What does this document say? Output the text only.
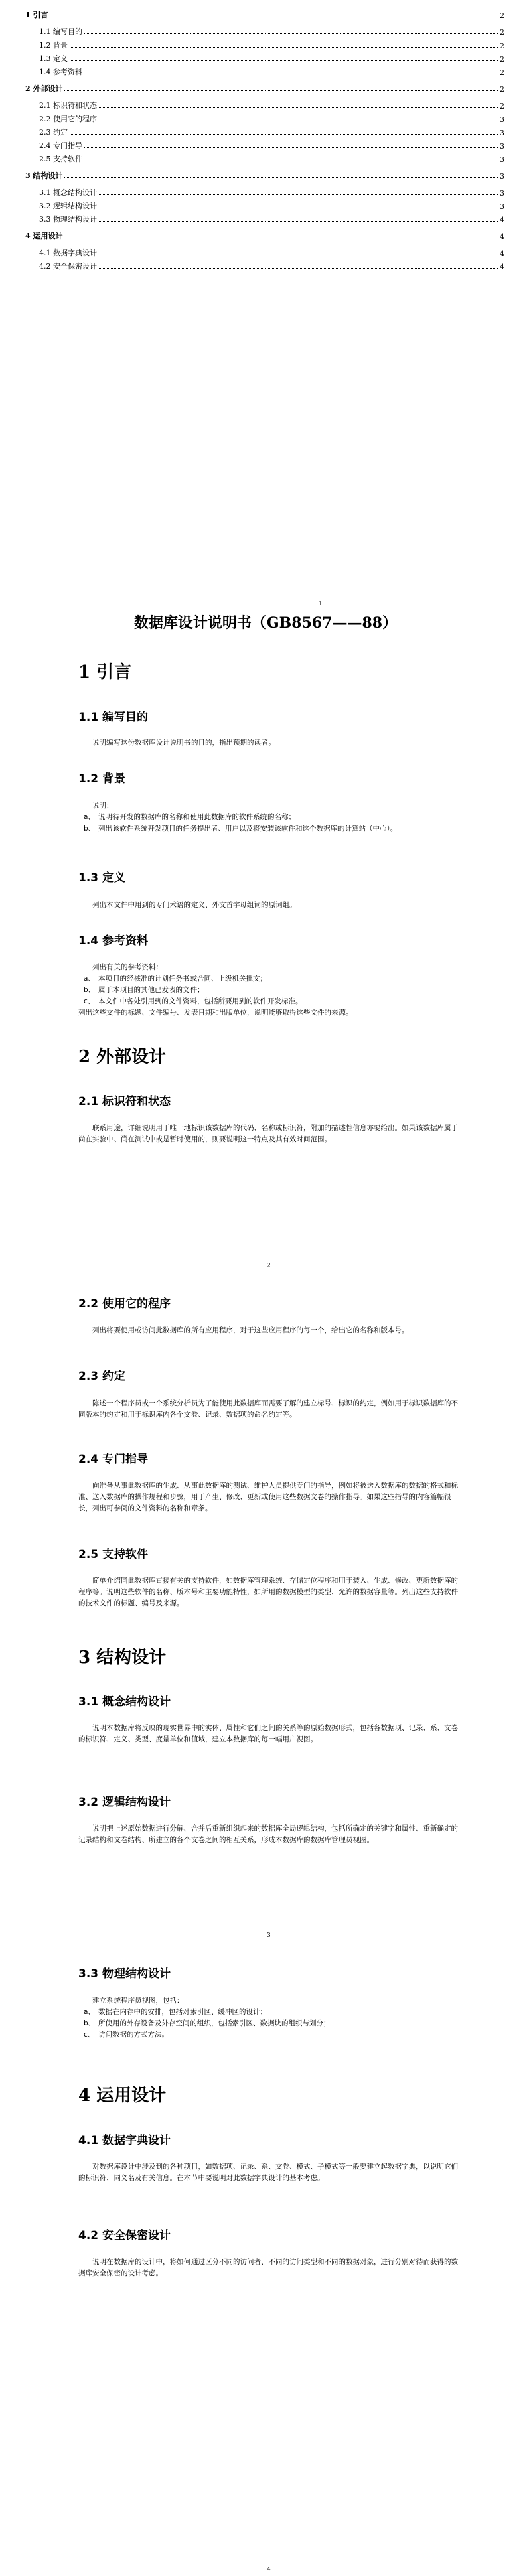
1 引言	2
1.1 编写目的	2
1.2 背景	2
1.3 定义	2
1.4 参考资料	2
2 外部设计	2
2.1 标识符和状态	2
2.2 使用它的程序	3
2.3 约定	3
2.4 专门指导	3
2.5 支持软件	3
3 结构设计	3
3.1 概念结构设计	3
3.2 逻辑结构设计	3
3.3 物理结构设计	4
4 运用设计	4
4.1 数据字典设计	4
4.2 安全保密设计	4
1
2
3
4
数据库设计说明书（GB8567——88）
1 引言
1.1 编写目的
说明编写这份数据库设计说明书的目的，指出预期的读者。
1.2 背景
说明：
a、 说明待开发的数据库的名称和使用此数据库的软件系统的名称；
b、 列出该软件系统开发项目的任务提出者、用户以及将安装该软件和这个数据库的计算站（中心）。
1.3 定义
列出本文件中用到的专门术语的定义、外文首字母组词的原词组。
1.4 参考资料
列出有关的参考资料：
a、 本项目的经核准的计划任务书或合同、上级机关批文；
b、 属于本项目的其他已发表的文件；
c、 本文件中各处引用到的文件资料，包括所要用到的软件开发标准。
列出这些文件的标题、文件编号、发表日期和出版单位，说明能够取得这些文件的来源。
2 外部设计
2.1 标识符和状态
联系用途，详细说明用于唯一地标识该数据库的代码、名称或标识符，附加的描述性信息亦要给出。如果该数据库属于尚在实验中、尚在测试中或是暂时使用的，则要说明这一特点及其有效时间范围。
2.2 使用它的程序
列出将要使用或访问此数据库的所有应用程序，对于这些应用程序的每一个，给出它的名称和版本号。
2.3 约定
陈述一个程序员或一个系统分析员为了能使用此数据库而需要了解的建立标号、标识的约定，例如用于标识数据库的不同版本的约定和用于标识库内各个文卷、记录、数据项的命名约定等。
2.4 专门指导
向准备从事此数据库的生成、从事此数据库的测试、维护人员提供专门的指导，例如将被送入数据库的数据的格式和标准、送入数据库的操作规程和步骤，用于产生、修改、更新或使用这些数据文卷的操作指导。如果这些指导的内容篇幅很长，列出可参阅的文件资料的名称和章条。
2.5 支持软件
简单介绍同此数据库直接有关的支持软件，如数据库管理系统、存储定位程序和用于装入、生成、修改、更新数据库的程序等。说明这些软件的名称、版本号和主要功能特性，如所用的数据模型的类型、允许的数据容量等。列出这些支持软件的技术文件的标题、编号及来源。
3 结构设计
3.1 概念结构设计
说明本数据库将反映的现实世界中的实体、属性和它们之间的关系等的原始数据形式，包括各数据项、记录、系、文卷的标识符、定义、类型、度量单位和值域，建立本数据库的每一幅用户视图。
3.2 逻辑结构设计
说明把上述原始数据进行分解、合并后重新组织起来的数据库全局逻辑结构，包括所确定的关键字和属性、重新确定的记录结构和文卷结构、所建立的各个文卷之间的相互关系，形成本数据库的数据库管理员视图。
3.3 物理结构设计
建立系统程序员视图，包括：
a、 数据在内存中的安排，包括对索引区、缓冲区的设计；
b、 所使用的外存设备及外存空间的组织，包括索引区、数据块的组织与划分；
c、 访问数据的方式方法。
4 运用设计
4.1 数据字典设计
对数据库设计中涉及到的各种项目，如数据项、记录、系、文卷、模式、子模式等一般要建立起数据字典，以说明它们的标识符、同义名及有关信息。在本节中要说明对此数据字典设计的基本考虑。
4.2 安全保密设计
说明在数据库的设计中，将如何通过区分不同的访问者、不同的访问类型和不同的数据对象，进行分别对待而获得的数据库安全保密的设计考虑。
